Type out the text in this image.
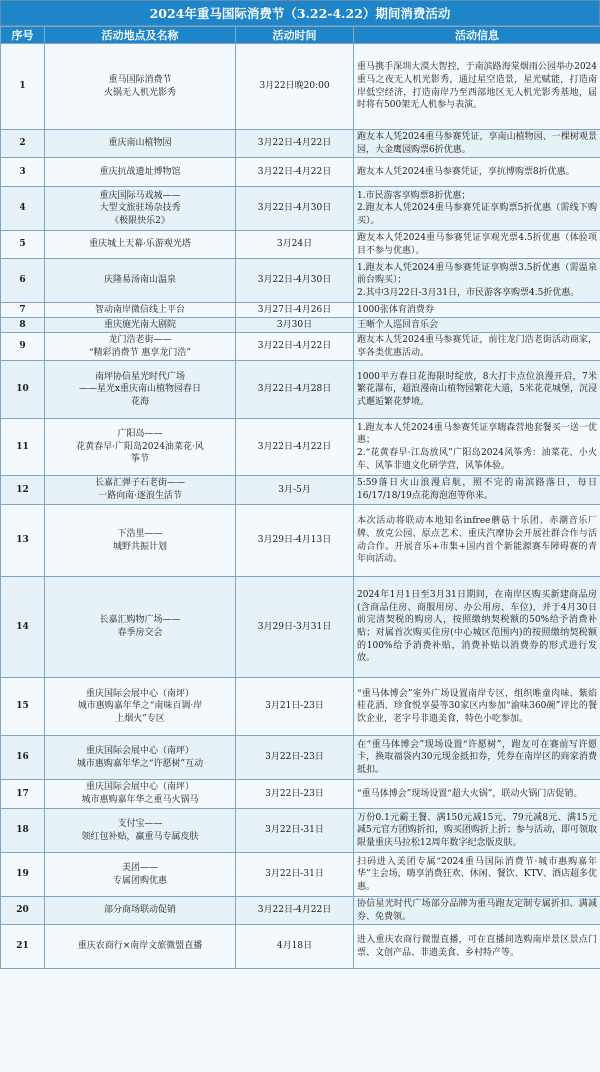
2024年重马国际消费节（3.22-4.22）期间消费活动
序号	活动地点及名称	活动时间	活动信息

1	重马国际消费节
火锅无人机光影秀	3月22日晚20:00	重马携手深圳大漠大智控，于南滨路海棠烟雨公园举办2024重马之夜无人机光影秀，通过星空造景，星光赋能，打造南岸低空经济，打造南岸乃至西部地区无人机光影秀基地，届时将有500架无人机参与表演。

2	重庆南山植物园	3月22日-4月22日	跑友本人凭2024重马参赛凭证，享南山植物园、一棵树观景园，大金鹰园购票6折优惠。

3	重庆抗战遗址博物馆	3月22日-4月22日	跑友本人凭2024重马参赛凭证，享抗博购票8折优惠。

4	重庆国际马戏城——
大型文旅驻场杂技秀
《极限快乐2》	3月22日-4月30日	1.市民游客享购票8折优惠；
2.跑友本人凭2024重马参赛凭证享购票5折优惠（需线下购买）。

5	重庆城上天幕·乐游观光塔	3月24日	跑友本人凭2024重马参赛凭证享观光票4.5折优惠（体验项目不参与优惠）。

6	庆隆易汤南山温泉	3月22日-4月30日	1.跑友本人凭2024重马参赛凭证享购票3.5折优惠（需温泉前台购买）；
2.其中3月22日-3月31日，市民游客享购票4.5折优惠。

7	智动南岸微信线上平台	3月27日-4月26日	1000张体育消费券

8	重庆施光南大剧院	3月30日	王晰个人巡回音乐会

9	龙门浩老街——
“精彩消费节 惠享龙门浩”	3月22日-4月22日	跑友本人凭2024重马参赛凭证，前往龙门浩老街活动商家，享各类优惠活动。

10	南坪协信星光时代广场
——星光x重庆南山植物园春日
花海	3月22日-4月28日	1000平方春日花海限时绽放，8大打卡点位浪漫开启，7米繁花瀑布，超浪漫南山植物园繁花大道，5米花花城堡，沉浸式邂逅繁花梦境。

11	广阳岛——
花黄春早·广阳岛2024油菜花·风
筝节	3月22日-4月22日	1.跑友本人凭2024重马参赛凭证享嗨森营地套餐买一送一优惠；
2.“花黄春早·江岛放风”广阳岛2024风筝秀：油菜花、小火车、风筝非遗文化研学营，风筝体验。

12	长嘉汇弹子石老街——
一路向南·逐浪生活节	3月-5月	5:59落日火山浪漫启航，照不完的南滨路落日，每日16/17/18/19点花海泡泡等你来。

13	下浩里——
城野共振计划	3月29日-4月13日	本次活动将联动本地知名infree蘑菇十乐团、赤潮音乐厂牌、放克公园、原点艺术、重庆汽摩协会开展社群合作与活动合作。开展音乐+市集+国内首个新能源赛车障碍赛的青年向活动。

14	长嘉汇购物广场——
春季房交会	3月29日-3月31日	2024年1月1日至3月31日期间，在南岸区购买新建商品房(含商品住房、商服用房、办公用房、车位)，并于4月30日前完清契税的购房人，按照缴纳契税额的50%给予消费补贴；对属首次购买住房(中心城区范围内)的按照缴纳契税额的100%给予消费补贴，消费补贴以消费券的形式进行发放。

15	重庆国际会展中心（南坪）
城市惠购嘉年华之“南味百调·岸
上烟火”专区	3月21日-23日	“重马体博会”室外广场设置南岸专区，组织唯童肉味、紫焰桂花酒、珍食悦享晏等30家区内参加“渝味360碗”评比的餐饮企业，老字号非遗美食，特色小吃参加。

16	重庆国际会展中心（南坪）
城市惠购嘉年华之“许愿树”互动	3月22日-23日	在“重马体博会”现场设置“许愿树”，跑友可在赛前写许愿卡，换取福袋内30元现金抵扣券，凭券在南岸区的商家消费抵扣。

17	重庆国际会展中心（南坪）
城市惠购嘉年华之重马火锅马	3月22日-23日	“重马体博会”现场设置“超大火锅”，联动火锅门店促销。

18	支付宝——
领红包补贴，赢重马专属皮肤	3月22日-31日	万份0.1元霸王餐、满150元减15元、79元减8元、满15元减5元官方团购折扣，购买团购折上折；参与活动，即可领取限量重庆马拉松12周年数字纪念版皮肤。

19	美团——
专属团购优惠	3月22日-31日	扫码进入美团专属“2024重马国际消费节·城市惠购嘉年华”主会场，嗨享消费狂欢、休闲、餐饮、KTV、酒店超多优惠。

20	部分商场联动促销	3月22日-4月22日	协信星光时代广场部分品牌为重马跑友定制专属折扣、满减券、免费领。

21	重庆农商行×南岸文旅微盟直播	4月18日	进入重庆农商行微盟直播，可在直播间选购南岸景区景点门票、文创产品、非遗美食、乡村特产等。
